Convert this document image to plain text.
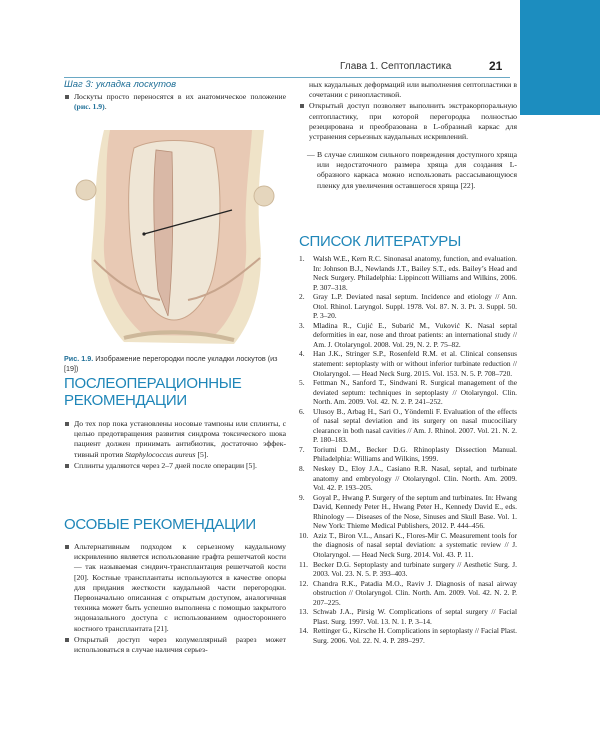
Глава 1. Септопластика	21

Шаг 3: укладка лоскутов

Лоскуты просто переносятся в их анатомическое положение (рис. 1.9).

Рис. 1.9. Изображение перегородки после укладки лоскутов (из [19])

ПОСЛЕОПЕРАЦИОННЫЕ

РЕКОМЕНДАЦИИ

До тех пор пока установлены носовые тампоны или сплинты, с целью предотвращения развития синдрома токсического шока пациент должен принимать антибиотик, достаточно эффективный против Staphylococcus aureus [5].

Сплинты удаляются через 2–7 дней после операции [5].

ОСОБЫЕ РЕКОМЕНДАЦИИ

Альтернативным подходом к серьезному каудальному искривлению является использование графта решетчатой кости — так называемая сэндвич-трансплантация решетчатой кости [20]. Костные трансплантаты используются в качестве опоры для придания жесткости каудальной части перегородки. Первоначально описанная с открытым доступом, аналогичная техника может быть успешно выполнена с помощью закрытого эндоназального доступа с использованием одностороннего костного трансплантата [21].

Открытый доступ через колумеллярный разрез может использоваться в случае наличия серьез-

ных каудальных деформаций или выполнения септопластики в сочетании с ринопластикой.

Открытый доступ позволяет выполнить экстракорпоральную септопластику, при которой перегородка полностью резецирована и преобразована в L-образный каркас для устранения серьезных каудальных искривлений.

— В случае слишком сильного повреждения доступного хряща или недостаточного размера хряща для создания L-образного каркаса можно использовать рассасывающуюся пленку для увеличения оставшегося хряща [22].

СПИСОК ЛИТЕРАТУРЫ

1. Walsh W.E., Kern R.C. Sinonasal anatomy, function, and evaluation. In: Johnson B.J., Newlands J.T., Bailey S.T., eds. Bailey’s Head and Neck Surgery. Philadelphia: Lippincott Williams and Wilkins, 2006. P. 307–318.

2. Gray L.P. Deviated nasal septum. Incidence and etiology // Ann. Otol. Rhinol. Laryngol. Suppl. 1978. Vol. 87. N. 3. Pt. 3. Suppl. 50. P. 3–20.

3. Mladina R., Cujić E., Subarić M., Vuković K. Nasal septal deformities in ear, nose and throat patients: an international study // Am. J. Otolaryngol. 2008. Vol. 29, N. 2. P. 75–82.

4. Han J.K., Stringer S.P., Rosenfeld R.M. et al. Clinical consensus statement: septoplasty with or without inferior turbinate reduction // Otolaryngol. — Head Neck Surg. 2015. Vol. 153. N. 5. P. 708–720.

5. Fettman N., Sanford T., Sindwani R. Surgical management of the deviated septum: techniques in septoplasty // Otolaryngol. Clin. North. Am. 2009. Vol. 42. N. 2. P. 241–252.

6. Ulusoy B., Arbag H., Sari O., Yöndemli F. Evaluation of the effects of nasal septal deviation and its surgery on nasal mucociliary clearance in both nasal cavities // Am. J. Rhinol. 2007. Vol. 21. N. 2. P. 180–183.

7. Toriumi D.M., Becker D.G. Rhinoplasty Dissection Manual. Philadelphia: Williams and Wilkins, 1999.

8. Neskey D., Eloy J.A., Casiano R.R. Nasal, septal, and turbinate anatomy and embryology // Otolaryngol. Clin. North. Am. 2009. Vol. 42. P. 193–205.

9. Goyal P., Hwang P. Surgery of the septum and turbinates. In: Hwang David, Kennedy Peter H., Hwang Peter H., Kennedy David E., eds. Rhinology — Diseases of the Nose, Sinuses and Skull Base. Vol. 1. New York: Thieme Medical Publishers, 2012. P. 444–456.

10. Aziz T., Biron V.L., Ansari K., Flores-Mir C. Measurement tools for the diagnosis of nasal septal deviation: a systematic review // J. Otolaryngol. — Head Neck Surg. 2014. Vol. 43. P. 11.

11. Becker D.G. Septoplasty and turbinate surgery // Aesthetic Surg. J. 2003. Vol. 23. N. 5. P. 393–403.

12. Chandra R.K., Patadia M.O., Raviv J. Diagnosis of nasal airway obstruction // Otolaryngol. Clin. North. Am. 2009. Vol. 42. N. 2. P. 207–225.

13. Schwab J.A., Pirsig W. Complications of septal surgery // Facial Plast. Surg. 1997. Vol. 13. N. 1. P. 3–14.

14. Rettinger G., Kirsche H. Complications in septoplasty // Facial Plast. Surg. 2006. Vol. 22. N. 4. P. 289–297.
